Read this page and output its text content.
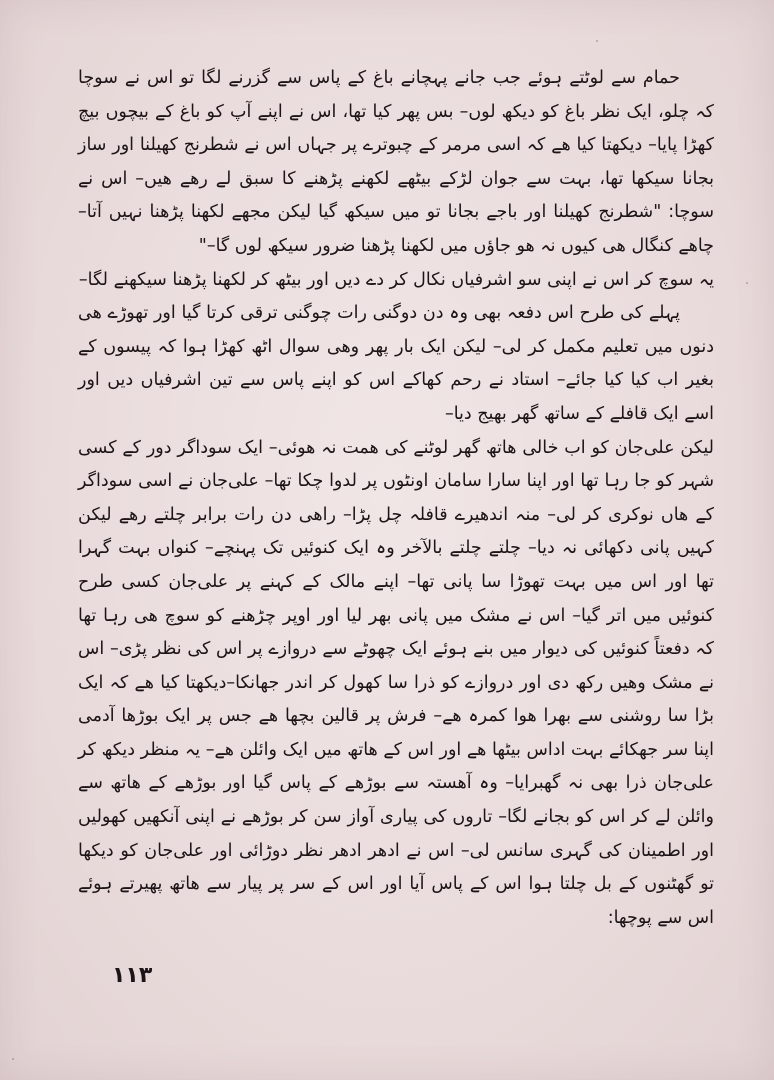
حمام سے لوٹتے ہوئے جب جانے پہچانے باغ کے پاس سے گزرنے لگا تو اس نے سوچا کہ چلو، ایک نظر باغ کو دیکھ لوں– بس پھر کیا تھا، اس نے اپنے آپ کو باغ کے بیچوں بیچ کھڑا پایا– دیکھتا کیا ھے کہ اسی مرمر کے چبوترے پر جہاں اس نے شطرنج کھیلنا اور ساز بجانا سیکھا تھا، بہت سے جوان لڑکے بیٹھے لکھنے پڑھنے کا سبق لے رهے هیں– اس نے سوچا: "شطرنج کھیلنا اور باجے بجانا تو میں سیکھ گیا لیکن مجھے لکھنا پڑھنا نہیں آتا– چاھے کنگال ھی کیوں نہ ھو جاؤں میں لکھنا پڑھنا ضرور سیکھ لوں گا–"

یہ سوچ کر اس نے اپنی سو اشرفیاں نکال کر دے دیں اور بیٹھ کر لکھنا پڑھنا سیکھنے لگا–

پہلے کی طرح اس دفعہ بھی وہ دن دوگنی رات چوگنی ترقی کرتا گیا اور تھوڑے ھی دنوں میں تعلیم مکمل کر لی– لیکن ایک بار پھر وهی سوال اٹھ کھڑا ہوا کہ پیسوں کے بغیر اب کیا کیا جائے– استاد نے رحم کھاکے اس کو اپنے پاس سے تین اشرفیاں دیں اور اسے ایک قافلے کے ساتھ گھر بھیج دیا–

لیکن علی‌جان کو اب خالی ھاتھ گھر لوٹنے کی ھمت نہ ھوئی– ایک سوداگر دور کے کسی شہر کو جا رہا تھا اور اپنا سارا سامان اونٹوں پر لدوا چکا تھا– علی‌جان نے اسی سوداگر کے ھاں نوکری کر لی– منہ اندھیرے قافلہ چل پڑا– راهی دن رات برابر چلتے رهے لیکن کہیں پانی دکھائی نہ دیا– چلتے چلتے بالآخر وہ ایک کنوئیں تک پہنچے– کنواں بہت گہرا تھا اور اس میں بہت تھوڑا سا پانی تھا– اپنے مالک کے کہنے پر علی‌جان کسی طرح کنوئیں میں اتر گیا– اس نے مشک میں پانی بھر لیا اور اوپر چڑھنے کو سوچ ھی رہا تھا کہ دفعتاً کنوئیں کی دیوار میں بنے ہوئے ایک چھوٹے سے دروازے پر اس کی نظر پڑی– اس نے مشک وهیں رکھ دی اور دروازے کو ذرا سا کھول کر اندر جھانکا–دیکھتا کیا ھے کہ ایک بڑا سا روشنی سے بھرا ھوا کمرہ ھے– فرش پر قالین بچھا ھے جس پر ایک بوڑھا آدمی اپنا سر جھکائے بہت اداس بیٹھا ھے اور اس کے ھاتھ میں ایک وائلن ھے– یہ منظر دیکھ کر علی‌جان ذرا بھی نہ گھبرایا– وہ آھستہ سے بوڑھے کے پاس گیا اور بوڑھے کے ھاتھ سے وائلن لے کر اس کو بجانے لگا– تاروں کی پیاری آواز سن کر بوڑھے نے اپنی آنکھیں کھولیں اور اطمینان کی گہری سانس لی– اس نے ادھر ادھر نظر دوڑائی اور علی‌جان کو دیکھا تو گھٹنوں کے بل چلتا ہوا اس کے پاس آیا اور اس کے سر پر پیار سے ھاتھ پھیرتے ہوئے اس سے پوچھا:

۱۱۳
